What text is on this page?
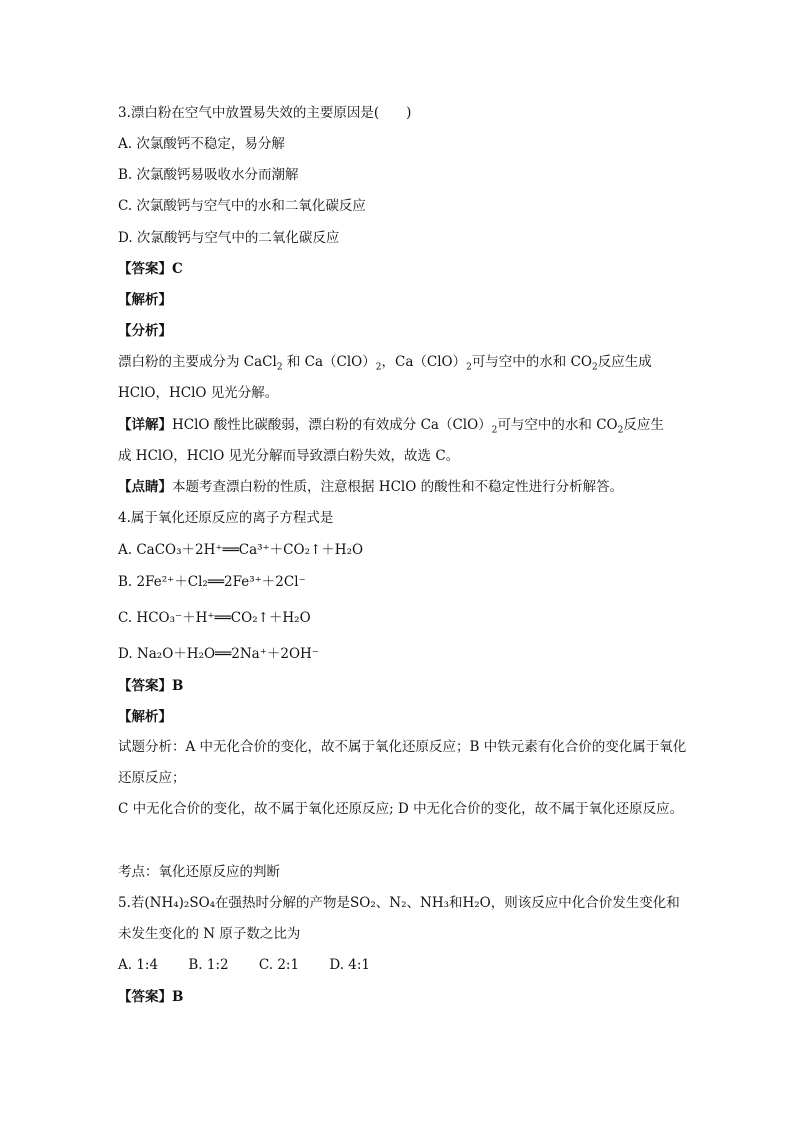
3.漂白粉在空气中放置易失效的主要原因是(　　)
A. 次氯酸钙不稳定，易分解
B. 次氯酸钙易吸收水分而潮解
C. 次氯酸钙与空气中的水和二氧化碳反应
D. 次氯酸钙与空气中的二氧化碳反应
【答案】C
【解析】
【分析】
漂白粉的主要成分为 CaCl$_2$ 和 $Ca(ClO)_2$，$Ca(ClO)_2$可与空中的水和 $CO_2$反应生成
HClO，HClO 见光分解。
【详解】HClO 酸性比碳酸弱，漂白粉的有效成分 $Ca(ClO)_2$可与空中的水和 $CO_2$反应生
成 HClO，HClO 见光分解而导致漂白粉失效，故选 C。
【点睛】本题考查漂白粉的性质，注意根据 HClO 的酸性和不稳定性进行分析解答。
4.属于氧化还原反应的离子方程式是
A. CaCO₃＋2H⁺══Ca³⁺＋CO₂↑＋H₂O
B. 2Fe²⁺＋Cl₂══2Fe³⁺＋2Cl⁻
C. HCO₃⁻＋H⁺══CO₂↑＋H₂O
D. Na₂O＋H₂O══2Na⁺＋2OH⁻
【答案】B
【解析】
试题分析：A 中无化合价的变化，故不属于氧化还原反应；B 中铁元素有化合价的变化属于氧化还原反应；
C 中无化合价的变化，故不属于氧化还原反应; D 中无化合价的变化，故不属于氧化还原反应。
考点：氧化还原反应的判断
5.若(NH₄)₂SO₄在强热时分解的产物是SO₂、N₂、NH₃和H₂O，则该反应中化合价发生变化和
未发生变化的 N 原子数之比为
A. 1:4 B. 1:2 C. 2:1 D. 4:1
【答案】B
